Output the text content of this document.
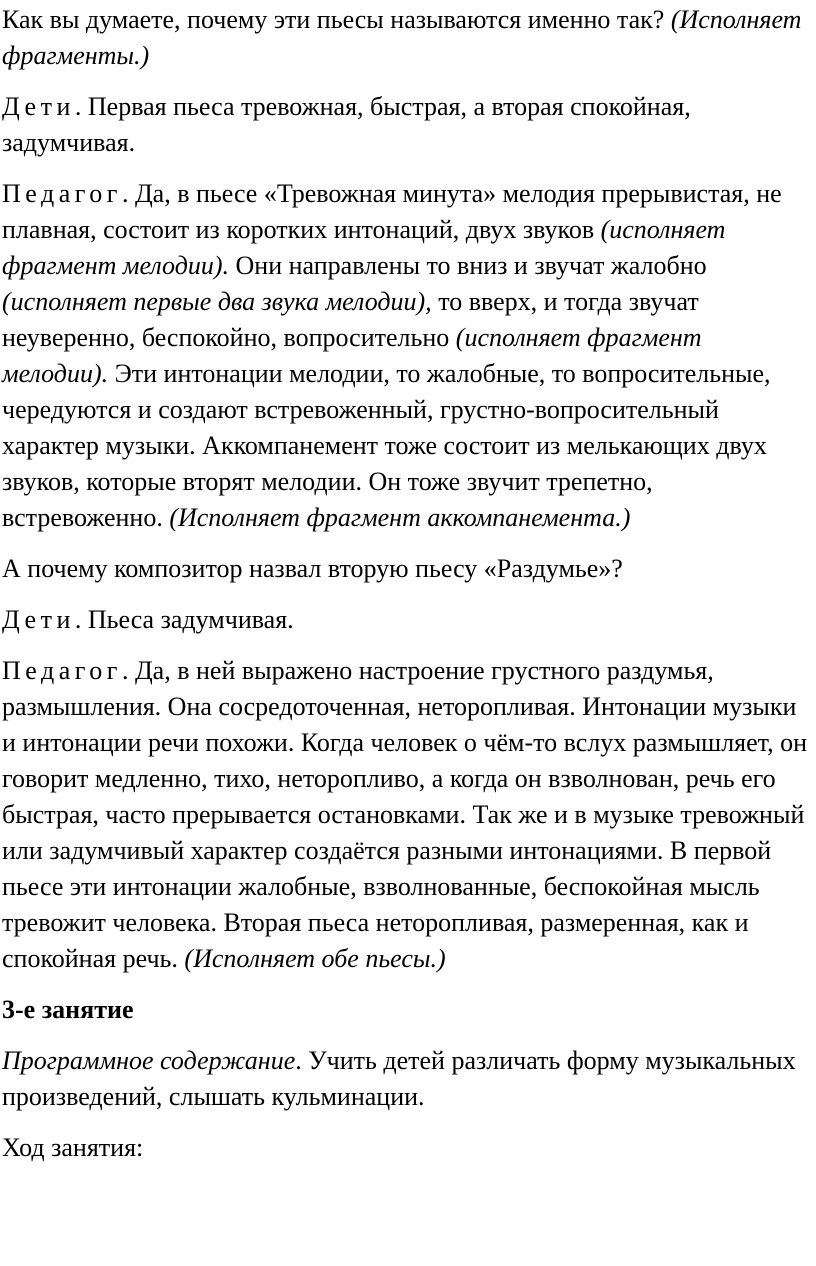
Как вы думаете, почему эти пьесы называются именно так? (Исполняет фрагменты.)

Дети. Первая пьеса тревожная, быстрая, а вторая спокойная, задумчивая.

Педагог. Да, в пьесе «Тревожная минута» мелодия прерывистая, не плавная, состоит из коротких интонаций, двух звуков (исполняет фрагмент мелодии). Они направлены то вниз и звучат жалобно (исполняет первые два звука мелодии), то вверх, и тогда звучат неуверенно, беспокойно, вопросительно (исполняет фрагмент мелодии). Эти интонации мелодии, то жалобные, то вопросительные, чередуются и создают встревоженный, грустно-вопросительный характер музыки. Аккомпанемент тоже состоит из мелькающих двух звуков, которые вторят мелодии. Он тоже звучит трепетно, встревоженно. (Исполняет фрагмент аккомпанемента.)

А почему композитор назвал вторую пьесу «Раздумье»?

Дети. Пьеса задумчивая.

Педагог. Да, в ней выражено настроение грустного раздумья, размышления. Она сосредоточенная, неторопливая. Интонации музыки и интонации речи похожи. Когда человек о чём-то вслух размышляет, он говорит медленно, тихо, неторопливо, а когда он взволнован, речь его быстрая, часто прерывается остановками. Так же и в музыке тревожный или задумчивый характер создаётся разными интонациями. В первой пьесе эти интонации жалобные, взволнованные, беспокойная мысль тревожит человека. Вторая пьеса неторопливая, размеренная, как и спокойная речь. (Исполняет обе пьесы.)

3-е занятие

Программное содержание. Учить детей различать форму музыкальных произведений, слышать кульминации.

Ход занятия:
